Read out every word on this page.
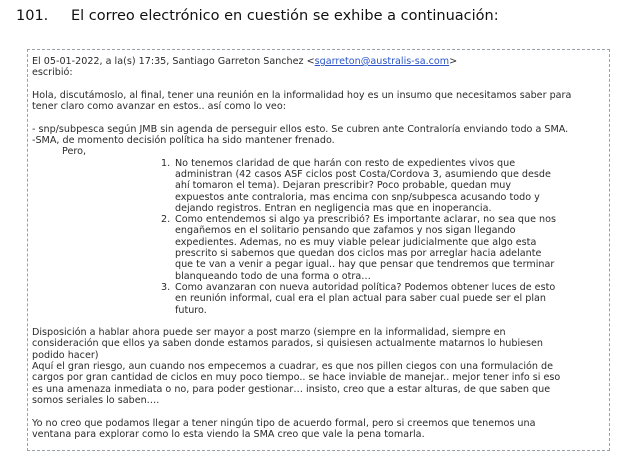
101. El correo electrónico en cuestión se exhibe a continuación:

El 05-01-2022, a la(s) 17:35, Santiago Garreton Sanchez <sgarreton@australis-sa.com>

escribió:

Hola, discutámoslo, al final, tener una reunión en la informalidad hoy es un insumo que necesitamos saber para tener claro como avanzar en estos.. así como lo veo:

- snp/subpesca según JMB sin agenda de perseguir ellos esto. Se cubren ante Contraloría enviando todo a SMA.

-SMA, de momento decisión política ha sido mantener frenado.

Pero,

1. No tenemos claridad de que harán con resto de expedientes vivos que administran (42 casos ASF ciclos post Costa/Cordova 3, asumiendo que desde ahí tomaron el tema). Dejaran prescribir? Poco probable, quedan muy expuestos ante contraloria, mas encima con snp/subpesca acusando todo y dejando registros. Entran en negligencia mas que en inoperancia.
2. Como entendemos si algo ya prescribió? Es importante aclarar, no sea que nos engañemos en el solitario pensando que zafamos y nos sigan llegando expedientes. Ademas, no es muy viable pelear judicialmente que algo esta prescrito si sabemos que quedan dos ciclos mas por arreglar hacia adelante que te van a venir a pegar igual.. hay que pensar que tendremos que terminar blanqueando todo de una forma o otra…
3. Como avanzaran con nueva autoridad política? Podemos obtener luces de esto en reunión informal, cual era el plan actual para saber cual puede ser el plan futuro.

Disposición a hablar ahora puede ser mayor a post marzo (siempre en la informalidad, siempre en consideración que ellos ya saben donde estamos parados, si quisiesen actualmente matarnos lo hubiesen podido hacer)

Aquí el gran riesgo, aun cuando nos empecemos a cuadrar, es que nos pillen ciegos con una formulación de cargos por gran cantidad de ciclos en muy poco tiempo.. se hace inviable de manejar.. mejor tener info si eso es una amenaza inmediata o no, para poder gestionar… insisto, creo que a estar alturas, de que saben que somos seriales lo saben….

Yo no creo que podamos llegar a tener ningún tipo de acuerdo formal, pero si creemos que tenemos una ventana para explorar como lo esta viendo la SMA creo que vale la pena tomarla.
